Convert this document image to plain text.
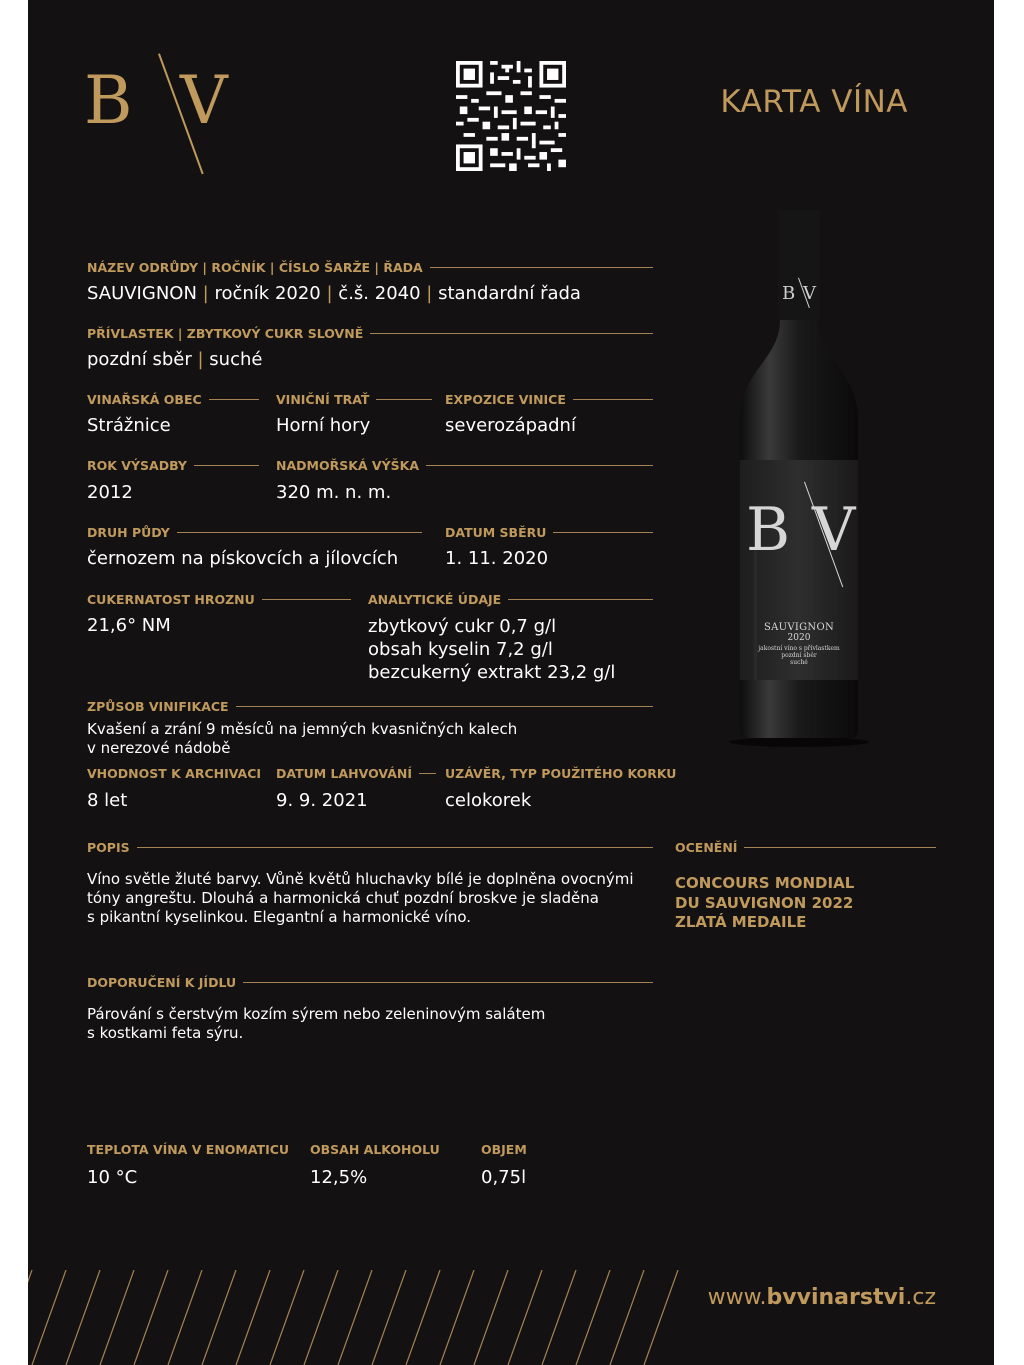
B V	KARTA VÍNA
B V
B V
SAUVIGNON
2020
jakostní víno s přívlastkem
pozdní sběr
suché
NÁZEV ODRŮDY | ROČNÍK | ČÍSLO ŠARŽE | ŘADA
SAUVIGNON | ročník 2020 | č.š. 2040 | standardní řada
PŘÍVLASTEK | ZBYTKOVÝ CUKR SLOVNĚ
pozdní sběr | suché
VINAŘSKÁ OBEC
Strážnice
VINIČNÍ TRAŤ
Horní hory
EXPOZICE VINICE
severozápadní
ROK VÝSADBY
2012
NADMOŘSKÁ VÝŠKA
320 m. n. m.
DRUH PŮDY
černozem na pískovcích a jílovcích
DATUM SBĚRU
1. 11. 2020
CUKERNATOST HROZNU
21,6° NM
ANALYTICKÉ ÚDAJE
zbytkový cukr 0,7 g/l
obsah kyselin 7,2 g/l
bezcukerný extrakt 23,2 g/l
ZPŮSOB VINIFIKACE
Kvašení a zrání 9 měsíců na jemných kvasničných kalech
v nerezové nádobě
VHODNOST K ARCHIVACI
8 let
DATUM LAHVOVÁNÍ
9. 9. 2021
UZÁVĚR, TYP POUŽITÉHO KORKU
celokorek
POPIS
Víno světle žluté barvy. Vůně květů hluchavky bílé je doplněna ovocnými
tóny angreštu. Dlouhá a harmonická chuť pozdní broskve je sladěna
s pikantní kyselinkou. Elegantní a harmonické víno.
OCENĚNÍ
CONCOURS MONDIAL
DU SAUVIGNON 2022
ZLATÁ MEDAILE
DOPORUČENÍ K JÍDLU
Párování s čerstvým kozím sýrem nebo zeleninovým salátem
s kostkami feta sýru.
TEPLOTA VÍNA V ENOMATICU
10 °C
OBSAH ALKOHOLU
12,5%
OBJEM
0,75l
www.bvvinarstvi.cz
